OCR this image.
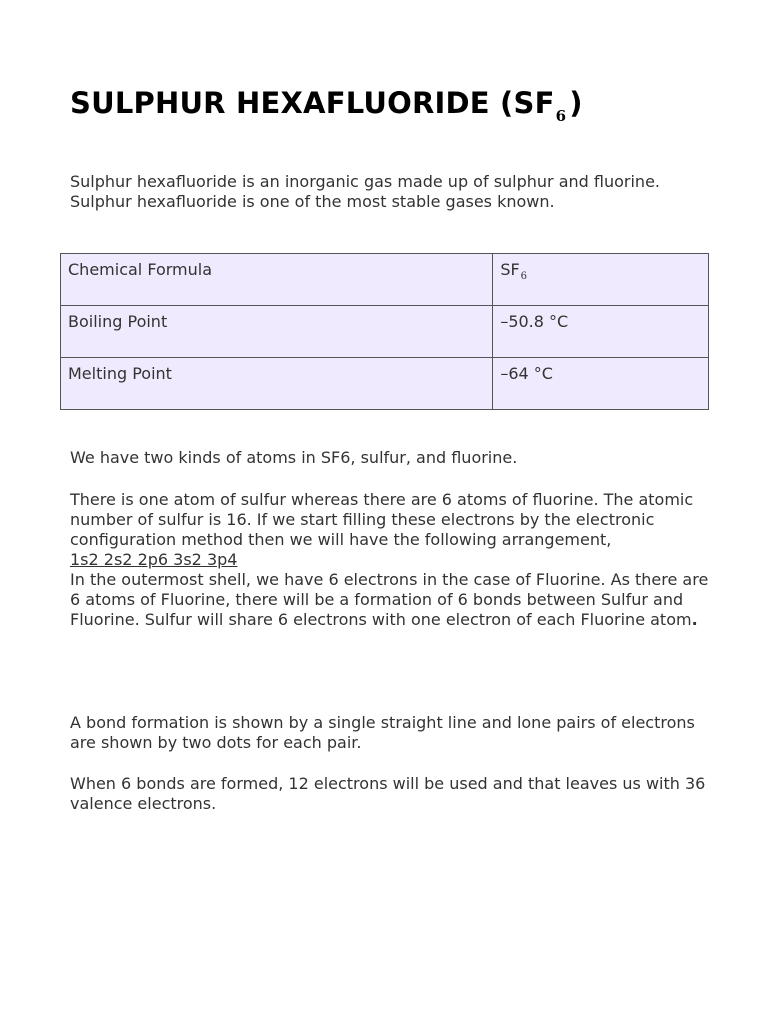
SULPHUR HEXAFLUORIDE ($SF_6$ )

Sulphur hexafluoride is an inorganic gas made up of sulphur and fluorine. Sulphur hexafluoride is one of the most stable gases known.

Chemical Formula	$SF_6$
Boiling Point	–50.8 °C
Melting Point	–64 °C

We have two kinds of atoms in SF6, sulfur, and fluorine.

There is one atom of sulfur whereas there are 6 atoms of fluorine. The atomic number of sulfur is 16. If we start filling these electrons by the electronic configuration method then we will have the following arrangement,
1s2 2s2 2p6 3s2 3p4
In the outermost shell, we have 6 electrons in the case of Fluorine. As there are 6 atoms of Fluorine, there will be a formation of 6 bonds between Sulfur and Fluorine. Sulfur will share 6 electrons with one electron of each Fluorine atom.

A bond formation is shown by a single straight line and lone pairs of electrons are shown by two dots for each pair.

When 6 bonds are formed, 12 electrons will be used and that leaves us with 36 valence electrons.
